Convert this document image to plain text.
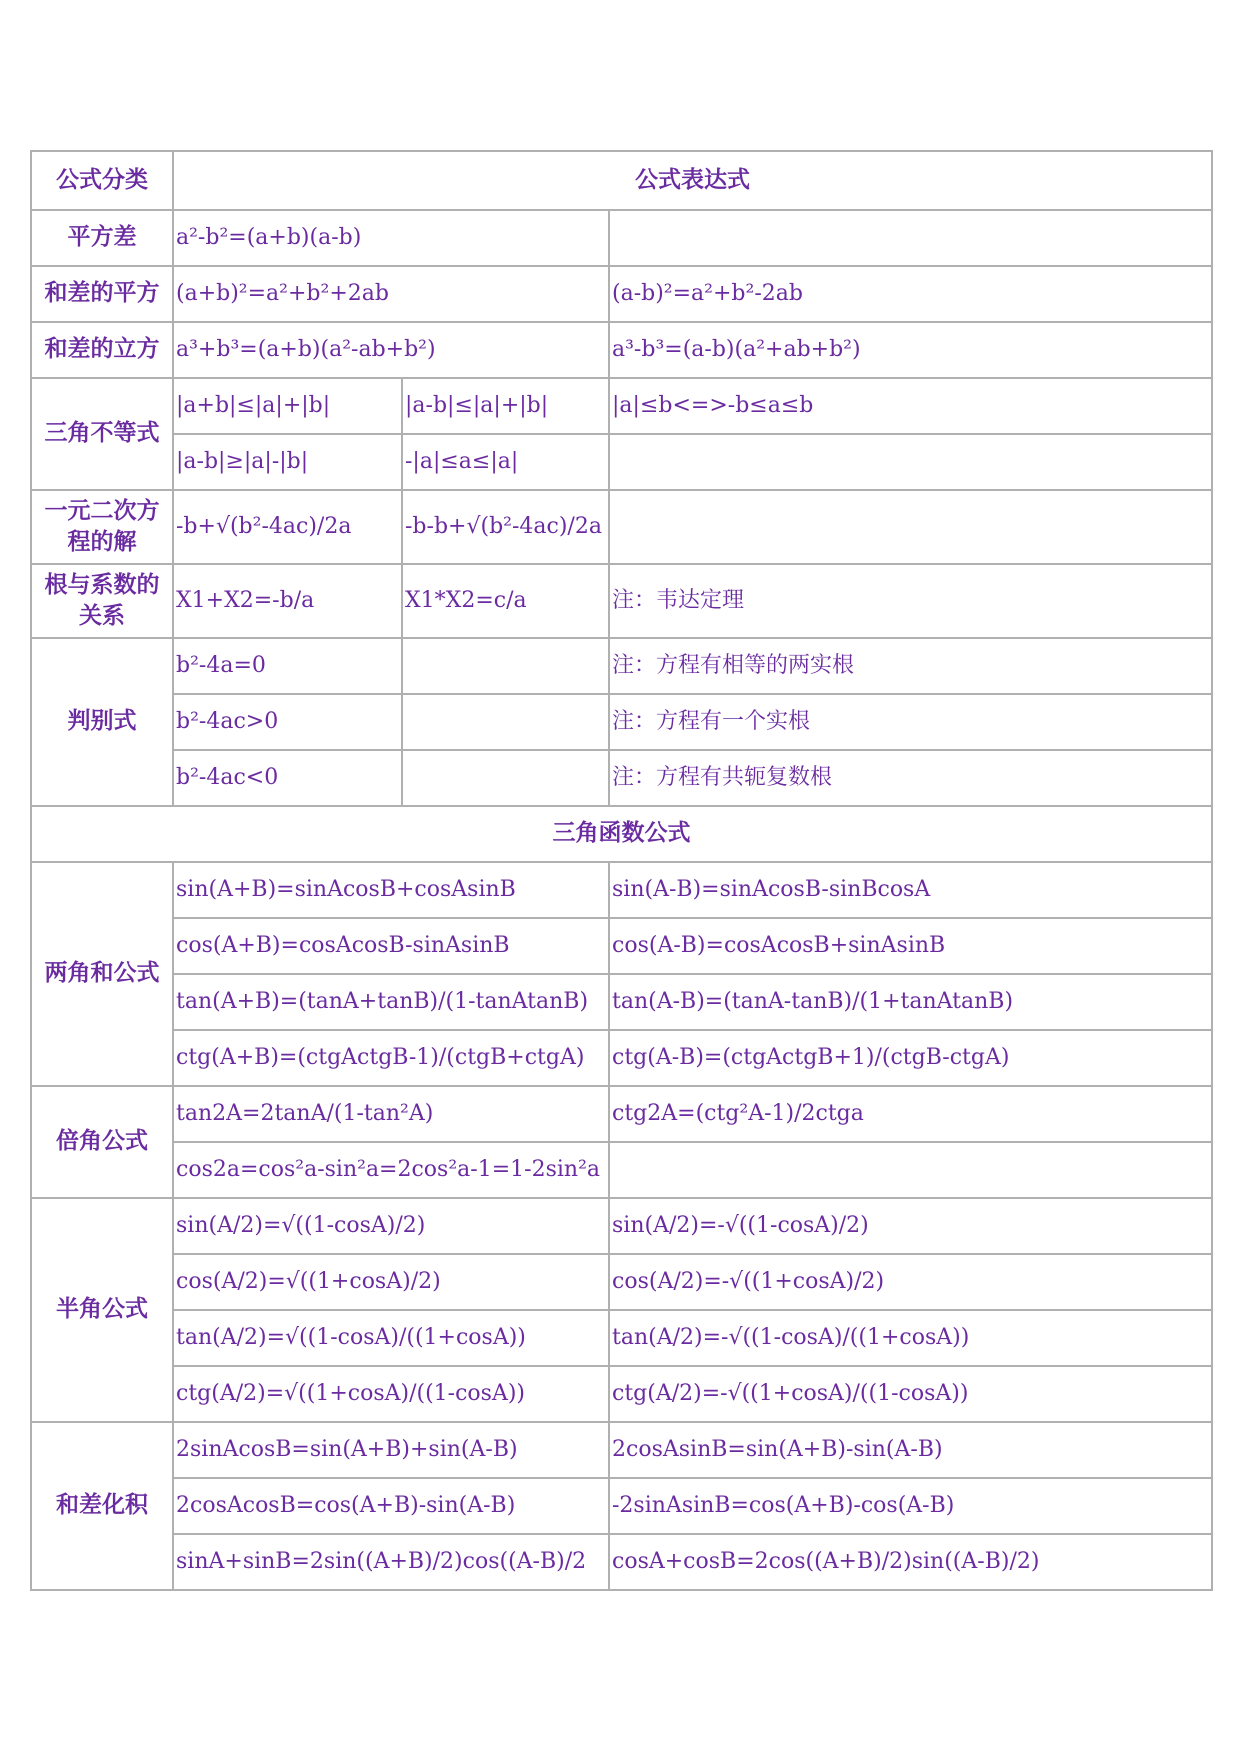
公式分类	公式表达式		
平方差	a²-b²=(a+b)(a-b)		
和差的平方	(a+b)²=a²+b²+2ab		(a-b)²=a²+b²-2ab
和差的立方	a³+b³=(a+b)(a²-ab+b²)		a³-b³=(a-b)(a²+ab+b²)
三角不等式	|a+b|≤|a|+|b|	|a-b|≤|a|+|b|	|a|≤b<=>-b≤a≤b
	|a-b|≥|a|-|b|	-|a|≤a≤|a|	
一元二次方程的解	-b+√(b²-4ac)/2a	-b-b+√(b²-4ac)/2a	
根与系数的关系	X1+X2=-b/a	X1*X2=c/a	注：韦达定理
判别式	b²-4a=0		注：方程有相等的两实根
	b²-4ac>0		注：方程有一个实根
	b²-4ac<0		注：方程有共轭复数根
三角函数公式			
两角和公式	sin(A+B)=sinAcosB+cosAsinB		sin(A-B)=sinAcosB-sinBcosA
	cos(A+B)=cosAcosB-sinAsinB		cos(A-B)=cosAcosB+sinAsinB
	tan(A+B)=(tanA+tanB)/(1-tanAtanB)		tan(A-B)=(tanA-tanB)/(1+tanAtanB)
	ctg(A+B)=(ctgActgB-1)/(ctgB+ctgA)		ctg(A-B)=(ctgActgB+1)/(ctgB-ctgA)
倍角公式	tan2A=2tanA/(1-tan²A)		ctg2A=(ctg²A-1)/2ctga
	cos2a=cos²a-sin²a=2cos²a-1=1-2sin²a		
半角公式	sin(A/2)=√((1-cosA)/2)		sin(A/2)=-√((1-cosA)/2)
	cos(A/2)=√((1+cosA)/2)		cos(A/2)=-√((1+cosA)/2)
	tan(A/2)=√((1-cosA)/((1+cosA))		tan(A/2)=-√((1-cosA)/((1+cosA))
	ctg(A/2)=√((1+cosA)/((1-cosA))		ctg(A/2)=-√((1+cosA)/((1-cosA))
和差化积	2sinAcosB=sin(A+B)+sin(A-B)		2cosAsinB=sin(A+B)-sin(A-B)
	2cosAcosB=cos(A+B)-sin(A-B)		-2sinAsinB=cos(A+B)-cos(A-B)
	sinA+sinB=2sin((A+B)/2)cos((A-B)/2		cosA+cosB=2cos((A+B)/2)sin((A-B)/2)
